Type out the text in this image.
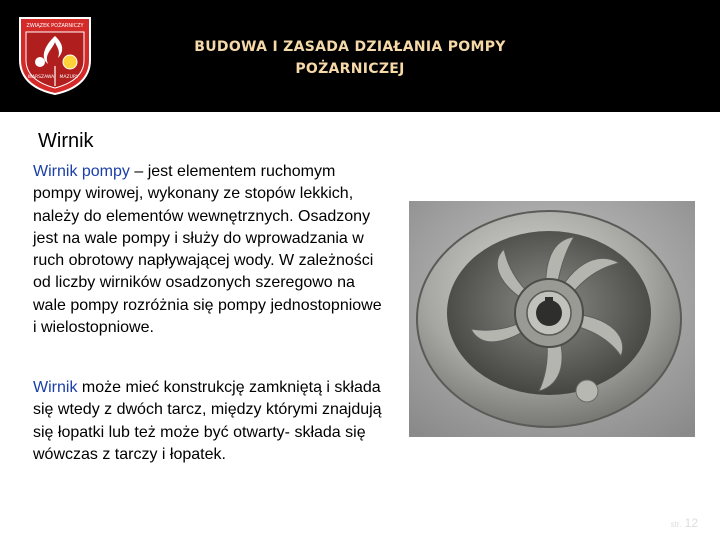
ZWIĄZEK POŻARNICZY
WARSZAWA MAZURY
BUDOWA I ZASADA DZIAŁANIA POMPY
POŻARNICZEJ
Wirnik

Wirnik pompy – jest elementem ruchomym pompy wirowej, wykonany ze stopów lekkich, należy do elementów wewnętrznych. Osadzony jest na wale pompy i służy do wprowadzania w ruch obrotowy napływającej wody. W zależności od liczby wirników osadzonych szeregowo na wale pompy rozróżnia się pompy jednostopniowe i wielostopniowe.

Wirnik może mieć konstrukcję zamkniętą i składa się wtedy z dwóch tarcz, między którymi znajdują się łopatki lub też może być otwarty- składa się wówczas z tarczy i łopatek.

str. 12
